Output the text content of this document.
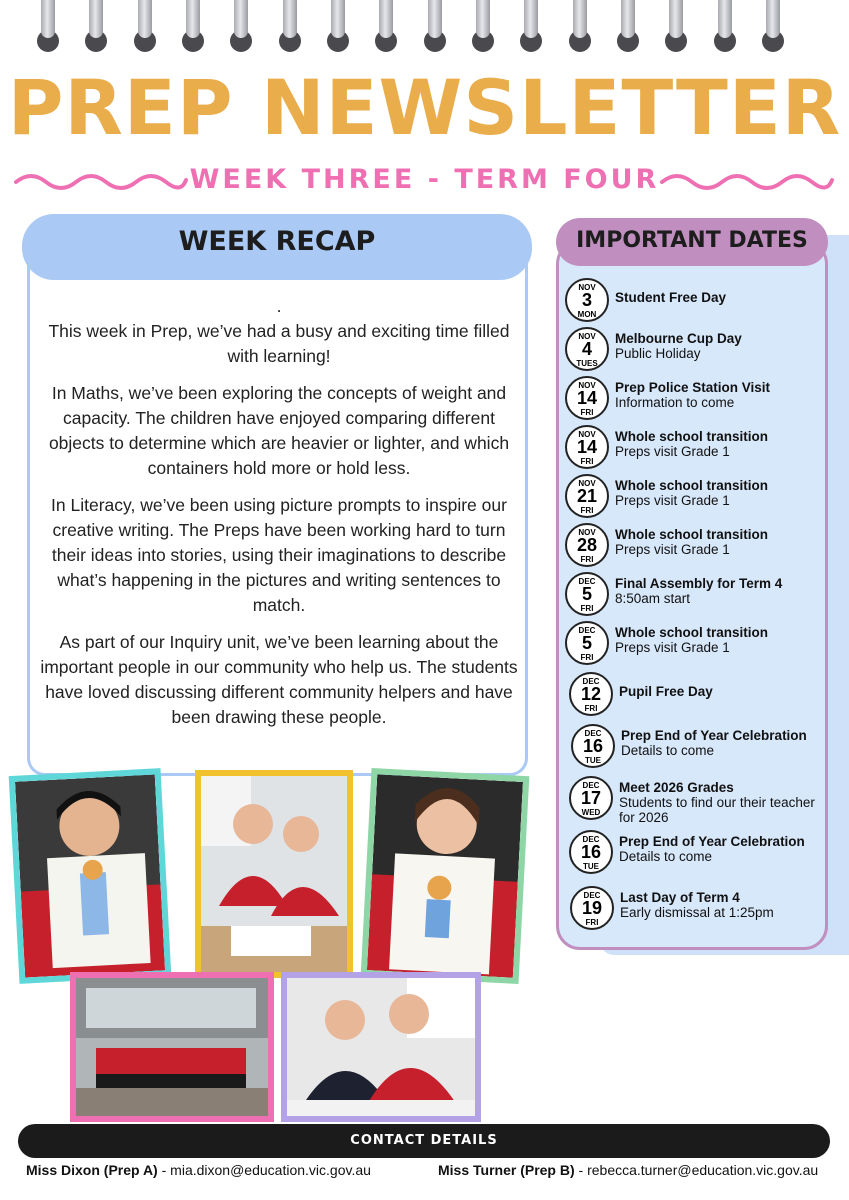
PREP NEWSLETTER
WEEK THREE - TERM FOUR
WEEK RECAP

.

This week in Prep, we’ve had a busy and exciting time filled with learning!

In Maths, we’ve been exploring the concepts of weight and capacity. The children have enjoyed comparing different objects to determine which are heavier or lighter, and which containers hold more or hold less.

In Literacy, we’ve been using picture prompts to inspire our creative writing. The Preps have been working hard to turn their ideas into stories, using their imaginations to describe what’s happening in the pictures and writing sentences to match.

As part of our Inquiry unit, we’ve been learning about the important people in our community who help us. The students have loved discussing different community helpers and have been drawing these people.

IMPORTANT DATES
NOV
3
MON
Student Free Day
NOV
4
TUES
Melbourne Cup Day
Public Holiday
NOV
14
FRI
Prep Police Station Visit
Information to come
NOV
14
FRI
Whole school transition
Preps visit Grade 1
NOV
21
FRI
Whole school transition
Preps visit Grade 1
NOV
28
FRI
Whole school transition
Preps visit Grade 1
DEC
5
FRI
Final Assembly for Term 4
8:50am start
DEC
5
FRI
Whole school transition
Preps visit Grade 1
DEC
12
FRI
Pupil Free Day
DEC
16
TUE
Prep End of Year Celebration
Details to come
DEC
17
WED
Meet 2026 Grades
Students to find our their teacher for 2026
DEC
16
TUE
Prep End of Year Celebration
Details to come
DEC
19
FRI
Last Day of Term 4
Early dismissal at 1:25pm
CONTACT DETAILS
Miss Dixon (Prep A) - mia.dixon@education.vic.gov.au	Miss Turner (Prep B) - rebecca.turner@education.vic.gov.au
